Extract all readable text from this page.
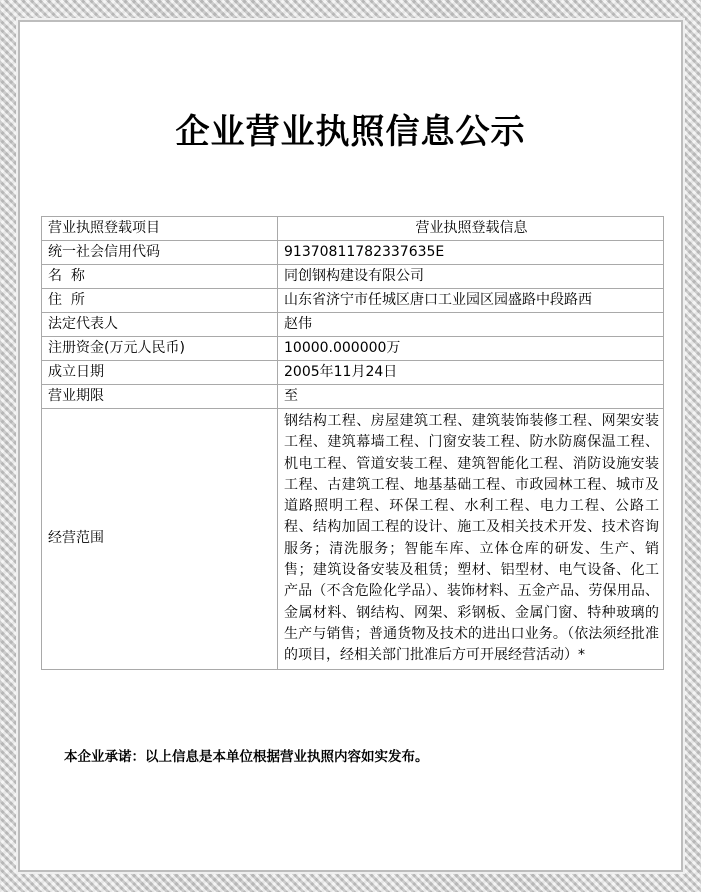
企业营业执照信息公示
营业执照登载项目	营业执照登载信息
统一社会信用代码	91370811782337635E
名  称	同创钢构建设有限公司
住  所	山东省济宁市任城区唐口工业园区园盛路中段路西
法定代表人	赵伟
注册资金(万元人民币)	10000.000000万
成立日期	2005年11月24日
营业期限	至
经营范围	钢结构工程、房屋建筑工程、建筑装饰装修工程、网架安装工程、建筑幕墙工程、门窗安装工程、防水防腐保温工程、机电工程、管道安装工程、建筑智能化工程、消防设施安装工程、古建筑工程、地基基础工程、市政园林工程、城市及道路照明工程、环保工程、水利工程、电力工程、公路工程、结构加固工程的设计、施工及相关技术开发、技术咨询服务；清洗服务；智能车库、立体仓库的研发、生产、销售；建筑设备安装及租赁；塑材、铝型材、电气设备、化工产品（不含危险化学品）、装饰材料、五金产品、劳保用品、金属材料、钢结构、网架、彩钢板、金属门窗、特种玻璃的生产与销售；普通货物及技术的进出口业务。（依法须经批准的项目，经相关部门批准后方可开展经营活动）*
本企业承诺：以上信息是本单位根据营业执照内容如实发布。
